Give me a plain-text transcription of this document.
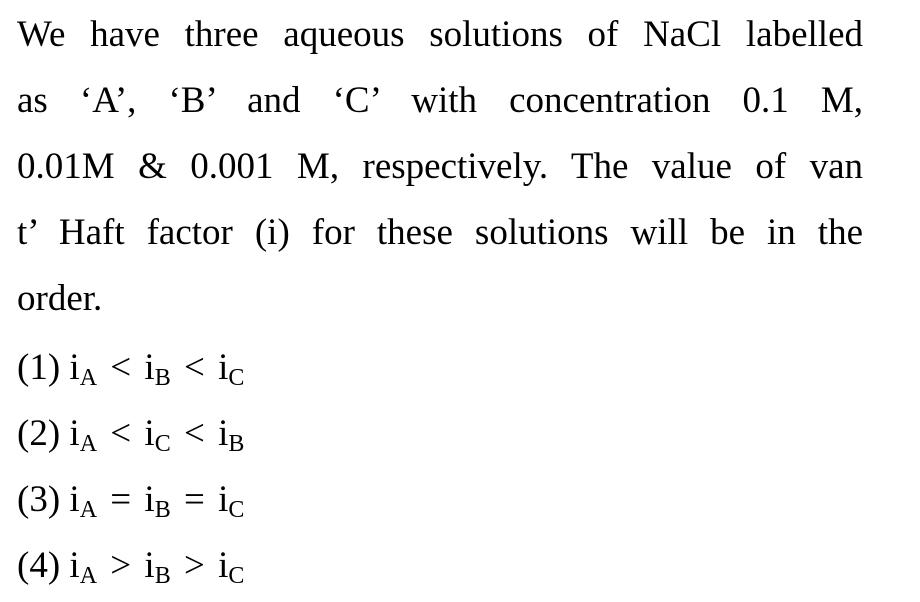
We have three aqueous solutions of NaCl labelled
as ‘A’, ‘B’ and ‘C’ with concentration 0.1 M,
0.01M & 0.001 M, respectively. The value of van
t’ Haft factor (i) for these solutions will be in the
order.
(1) $i_A < i_B < i_C$
(2) $i_A < i_C < i_B$
(3) $i_A = i_B = i_C$
(4) $i_A > i_B > i_C$
